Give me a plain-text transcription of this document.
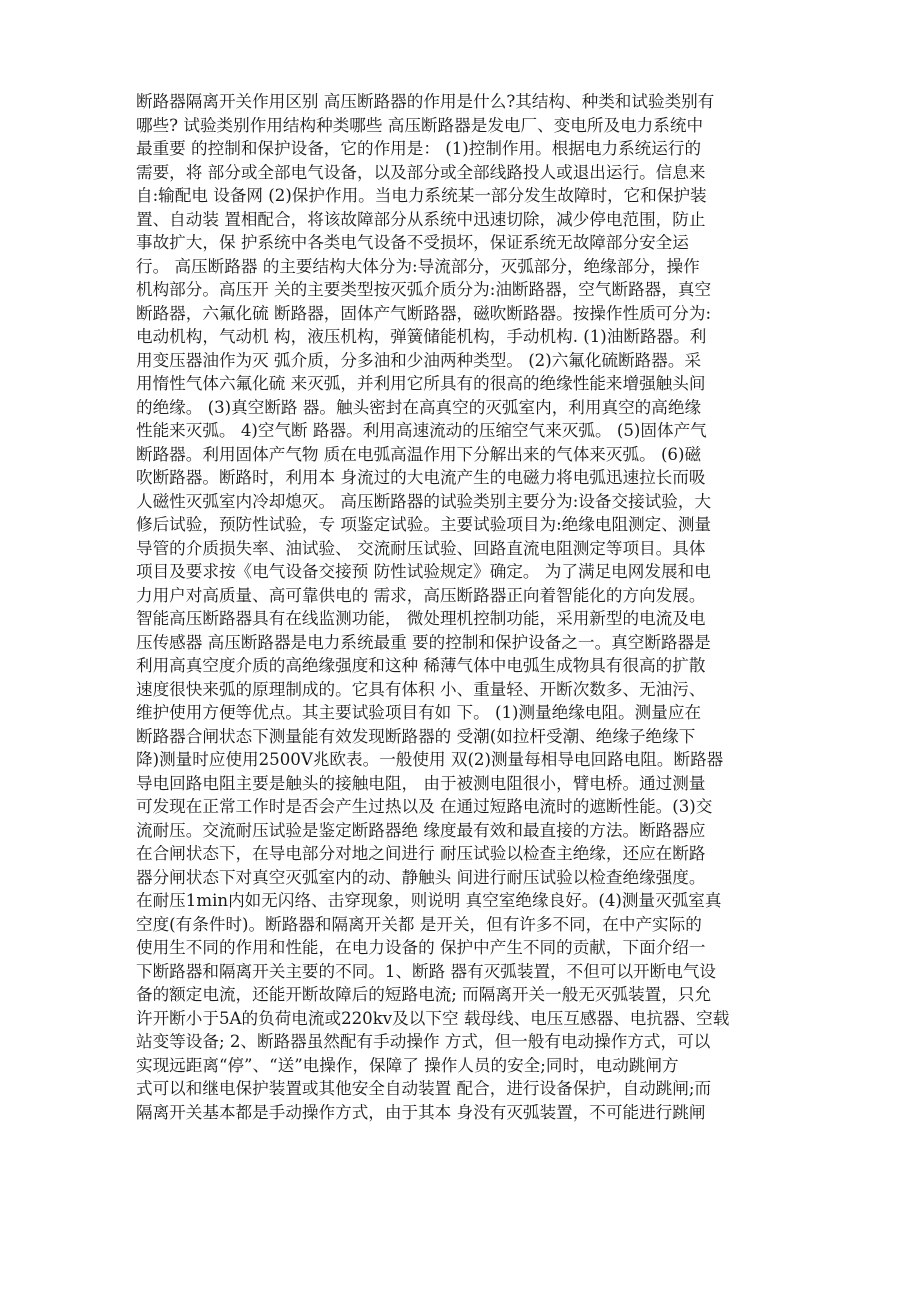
断路器隔离开关作用区别 高压断路器的作用是什么?其结构、种类和试验类别有
哪些? 试验类别作用结构种类哪些 高压断路器是发电厂、变电所及电力系统中
最重要 的控制和保护设备，它的作用是： (1)控制作用。根据电力系统运行的
需要，将 部分或全部电气设备，以及部分或全部线路投人或退出运行。信息来
自:输配电 设备网 (2)保护作用。当电力系统某一部分发生故障时，它和保护装
置、自动装 置相配合，将该故障部分从系统中迅速切除，减少停电范围，防止
事故扩大，保 护系统中各类电气设备不受损坏，保证系统无故障部分安全运
行。 高压断路器 的主要结构大体分为:导流部分，灭弧部分，绝缘部分，操作
机构部分。高压开 关的主要类型按灭弧介质分为:油断路器，空气断路器，真空
断路器，六氟化硫 断路器，固体产气断路器，磁吹断路器。按操作性质可分为:
电动机构，气动机 构，液压机构，弹簧储能机构，手动机构. (1)油断路器。利
用变压器油作为灭 弧介质，分多油和少油两种类型。 (2)六氟化硫断路器。采
用惰性气体六氟化硫 来灭弧，并利用它所具有的很高的绝缘性能来增强触头间
的绝缘。 (3)真空断路 器。触头密封在高真空的灭弧室内，利用真空的高绝缘
性能来灭弧。 4)空气断 路器。利用高速流动的压缩空气来灭弧。 (5)固体产气
断路器。利用固体产气物 质在电弧高温作用下分解出来的气体来灭弧。 (6)磁
吹断路器。断路时，利用本 身流过的大电流产生的电磁力将电弧迅速拉长而吸
人磁性灭弧室内冷却熄灭。 高压断路器的试验类别主要分为:设备交接试验，大
修后试验，预防性试验，专 项鉴定试验。主要试验项目为:绝缘电阻测定、测量
导管的介质损失率、油试验、 交流耐压试验、回路直流电阻测定等项目。具体
项目及要求按《电气设备交接预 防性试验规定》确定。 为了满足电网发展和电
力用户对高质量、高可靠供电的 需求，高压断路器正向着智能化的方向发展。
智能高压断路器具有在线监测功能， 微处理机控制功能，采用新型的电流及电
压传感器 高压断路器是电力系统最重 要的控制和保护设备之一。真空断路器是
利用高真空度介质的高绝缘强度和这种 稀薄气体中电弧生成物具有很高的扩散
速度很快来弧的原理制成的。它具有体积 小、重量轻、开断次数多、无油污、
维护使用方便等优点。其主要试验项目有如 下。 (1)测量绝缘电阻。测量应在
断路器合闸状态下测量能有效发现断路器的 受潮(如拉杆受潮、绝缘子绝缘下
降)测量时应使用2500V兆欧表。一般使用 双(2)测量每相导电回路电阻。断路器
导电回路电阻主要是触头的接触电阻， 由于被测电阻很小，臂电桥。通过测量
可发现在正常工作时是否会产生过热以及 在通过短路电流时的遮断性能。(3)交
流耐压。交流耐压试验是鉴定断路器绝 缘度最有效和最直接的方法。断路器应
在合闸状态下，在导电部分对地之间进行 耐压试验以检查主绝缘，还应在断路
器分闸状态下对真空灭弧室内的动、静触头 间进行耐压试验以检查绝缘强度。
在耐压1min内如无闪络、击穿现象，则说明 真空室绝缘良好。(4)测量灭弧室真
空度(有条件时)。断路器和隔离开关都 是开关，但有许多不同，在中产实际的
使用生不同的作用和性能，在电力设备的 保护中产生不同的贡献，下面介绍一
下断路器和隔离开关主要的不同。1、断路 器有灭弧装置，不但可以开断电气设
备的额定电流，还能开断故障后的短路电流; 而隔离开关一般无灭弧装置，只允
许开断小于5A的负荷电流或220kv及以下空 载母线、电压互感器、电抗器、空载
站变等设备; 2、断路器虽然配有手动操作 方式，但一般有电动操作方式，可以
实现远距离“停”、“送”电操作，保障了 操作人员的安全;同时，电动跳闸方
式可以和继电保护装置或其他安全自动装置 配合，进行设备保护，自动跳闸;而
隔离开关基本都是手动操作方式，由于其本 身没有灭弧装置，不可能进行跳闸
